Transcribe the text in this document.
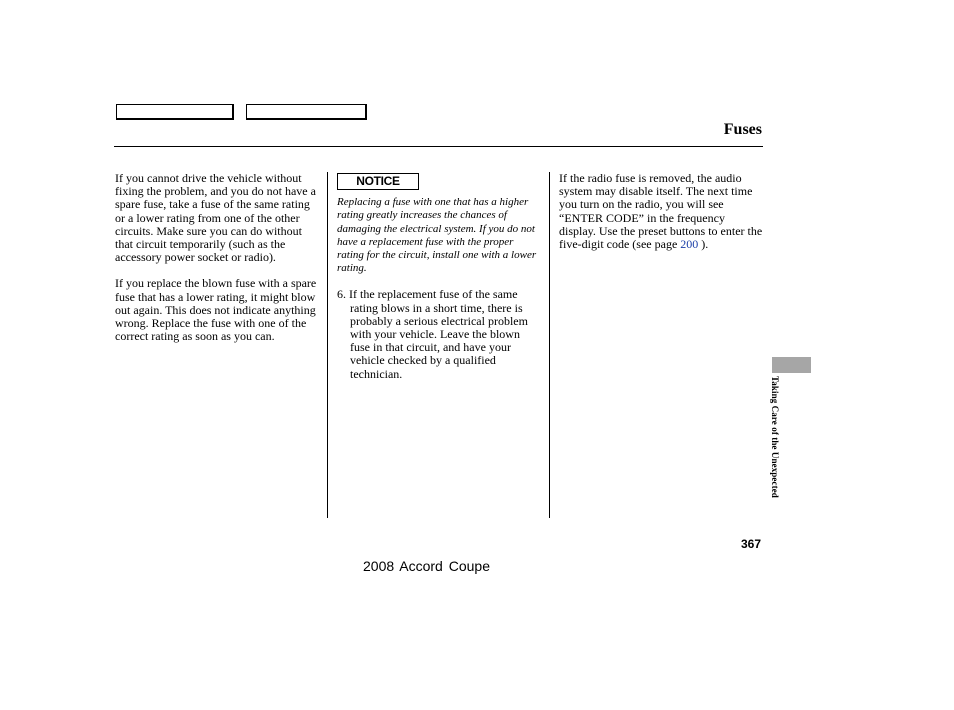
Fuses

If you cannot drive the vehicle without fixing the problem, and you do not have a spare fuse, take a fuse of the same rating or a lower rating from one of the other circuits. Make sure you can do without that circuit temporarily (such as the accessory power socket or radio).

If you replace the blown fuse with a spare fuse that has a lower rating, it might blow out again. This does not indicate anything wrong. Replace the fuse with one of the correct rating as soon as you can.

NOTICE

Replacing a fuse with one that has a higher rating greatly increases the chances of damaging the electrical system. If you do not have a replacement fuse with the proper rating for the circuit, install one with a lower rating.

6. If the replacement fuse of the same rating blows in a short time, there is probably a serious electrical problem with your vehicle. Leave the blown fuse in that circuit, and have your vehicle checked by a qualified technician.

If the radio fuse is removed, the audio system may disable itself. The next time you turn on the radio, you will see “ENTER CODE” in the frequency display. Use the preset buttons to enter the five-digit code (see page 200 ).

Taking Care of the Unexpected
367
2008 Accord Coupe
